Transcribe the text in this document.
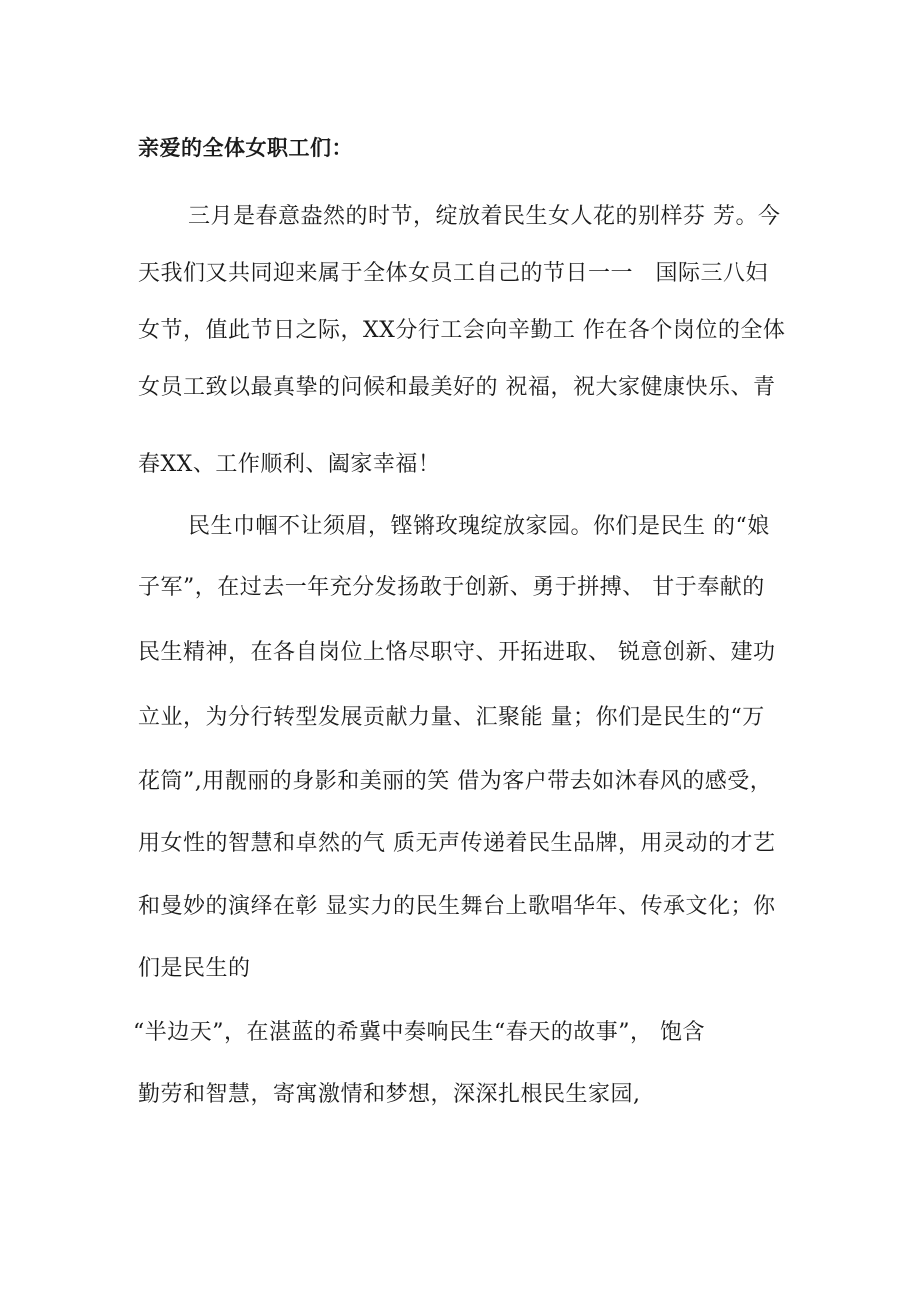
亲爱的全体女职工们：
三月是春意盎然的时节，绽放着民生女人花的别样芬 芳。今
天我们又共同迎来属于全体女员工自己的节日一一   国际三八妇
女节，值此节日之际，XX分行工会向辛勤工 作在各个岗位的全体
女员工致以最真挚的问候和最美好的 祝福，祝大家健康快乐、青
春XX、工作顺利、阖家幸福！
民生巾帼不让须眉，铿锵玫瑰绽放家园。你们是民生 的“娘
子军”，在过去一年充分发扬敢于创新、勇于拼搏、 甘于奉献的
民生精神，在各自岗位上恪尽职守、开拓进取、 锐意创新、建功
立业，为分行转型发展贡献力量、汇聚能 量；你们是民生的“万
花筒”,用靓丽的身影和美丽的笑 借为客户带去如沐春风的感受，
用女性的智慧和卓然的气 质无声传递着民生品牌，用灵动的才艺
和曼妙的演绎在彰 显实力的民生舞台上歌唱华年、传承文化；你
们是民生的
“半边天”，在湛蓝的希冀中奏响民生“春天的故事”， 饱含
勤劳和智慧，寄寓激情和梦想，深深扎根民生家园,
